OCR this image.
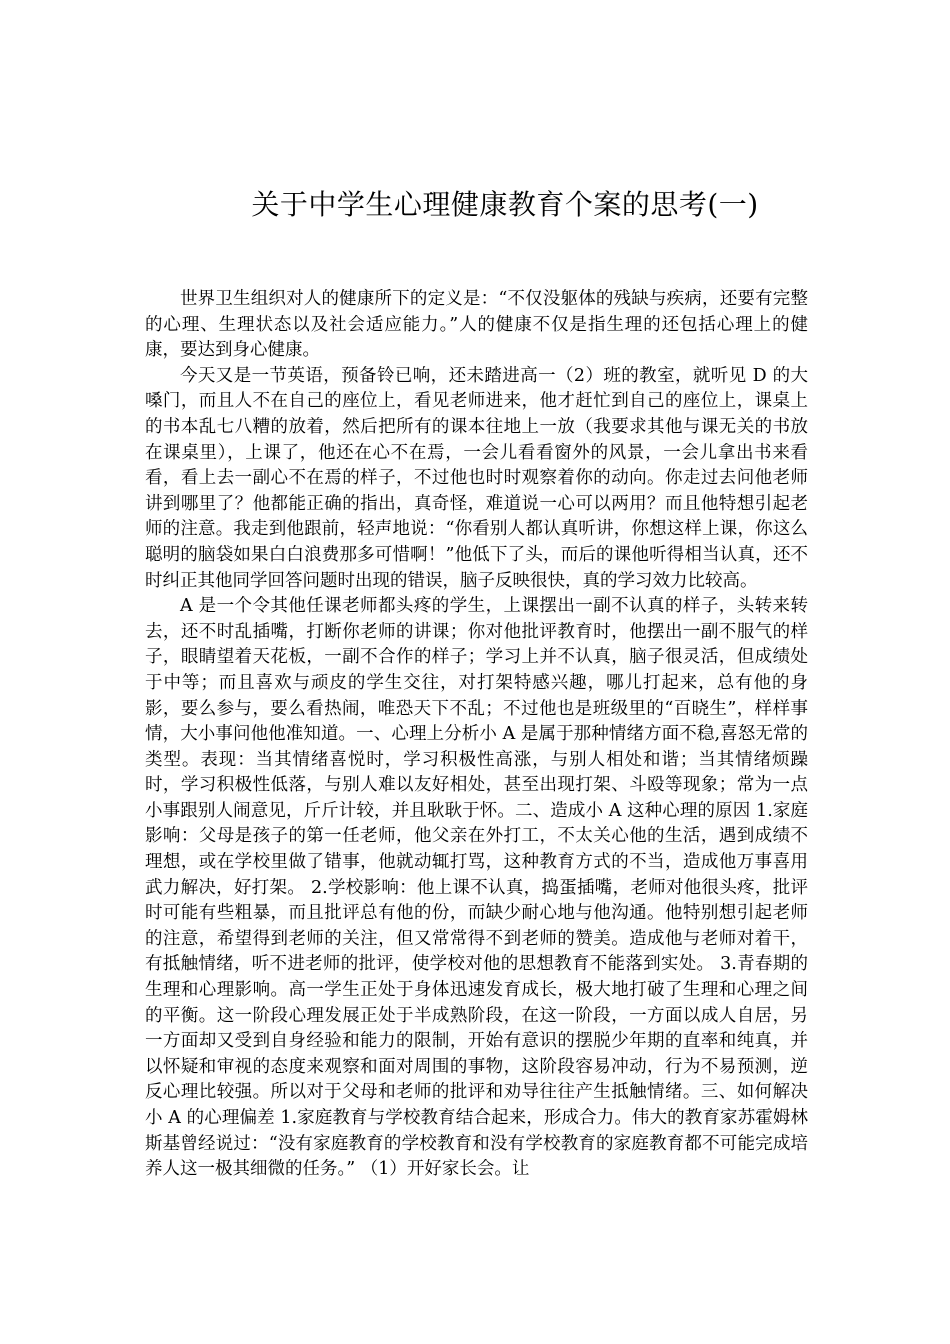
关于中学生心理健康教育个案的思考(一)

世界卫生组织对人的健康所下的定义是：“不仅没躯体的残缺与疾病，还要有完整的心理、生理状态以及社会适应能力。”人的健康不仅是指生理的还包括心理上的健康，要达到身心健康。

今天又是一节英语，预备铃已响，还未踏进高一（2）班的教室，就听见 D 的大嗓门，而且人不在自己的座位上，看见老师进来，他才赶忙到自己的座位上，课桌上的书本乱七八糟的放着，然后把所有的课本往地上一放（我要求其他与课无关的书放在课桌里），上课了，他还在心不在焉，一会儿看看窗外的风景，一会儿拿出书来看看，看上去一副心不在焉的样子，不过他也时时观察着你的动向。你走过去问他老师讲到哪里了？他都能正确的指出，真奇怪，难道说一心可以两用？而且他特想引起老师的注意。我走到他跟前，轻声地说：“你看别人都认真听讲，你想这样上课，你这么聪明的脑袋如果白白浪费那多可惜啊！”他低下了头，而后的课他听得相当认真，还不时纠正其他同学回答问题时出现的错误，脑子反映很快，真的学习效力比较高。

A 是一个令其他任课老师都头疼的学生，上课摆出一副不认真的样子，头转来转去，还不时乱插嘴，打断你老师的讲课；你对他批评教育时，他摆出一副不服气的样子，眼睛望着天花板，一副不合作的样子；学习上并不认真，脑子很灵活，但成绩处于中等；而且喜欢与顽皮的学生交往，对打架特感兴趣，哪儿打起来，总有他的身影，要么参与，要么看热闹，唯恐天下不乱；不过他也是班级里的“百晓生”，样样事情，大小事问他他准知道。一、心理上分析小 A 是属于那种情绪方面不稳,喜怒无常的类型。表现：当其情绪喜悦时，学习积极性高涨，与别人相处和谐；当其情绪烦躁时，学习积极性低落，与别人难以友好相处，甚至出现打架、斗殴等现象；常为一点小事跟别人闹意见，斤斤计较，并且耿耿于怀。二、造成小 A 这种心理的原因 1.家庭影响：父母是孩子的第一任老师，他父亲在外打工，不太关心他的生活，遇到成绩不理想，或在学校里做了错事，他就动辄打骂，这种教育方式的不当，造成他万事喜用武力解决，好打架。 2.学校影响：他上课不认真，捣蛋插嘴，老师对他很头疼，批评时可能有些粗暴，而且批评总有他的份，而缺少耐心地与他沟通。他特别想引起老师的注意，希望得到老师的关注，但又常常得不到老师的赞美。造成他与老师对着干，有抵触情绪，听不进老师的批评，使学校对他的思想教育不能落到实处。 3.青春期的生理和心理影响。高一学生正处于身体迅速发育成长，极大地打破了生理和心理之间的平衡。这一阶段心理发展正处于半成熟阶段，在这一阶段，一方面以成人自居，另一方面却又受到自身经验和能力的限制，开始有意识的摆脱少年期的直率和纯真，并以怀疑和审视的态度来观察和面对周围的事物，这阶段容易冲动，行为不易预测，逆反心理比较强。所以对于父母和老师的批评和劝导往往产生抵触情绪。三、如何解决小 A 的心理偏差 1.家庭教育与学校教育结合起来，形成合力。伟大的教育家苏霍姆林斯基曾经说过：“没有家庭教育的学校教育和没有学校教育的家庭教育都不可能完成培养人这一极其细微的任务。” （1）开好家长会。让
